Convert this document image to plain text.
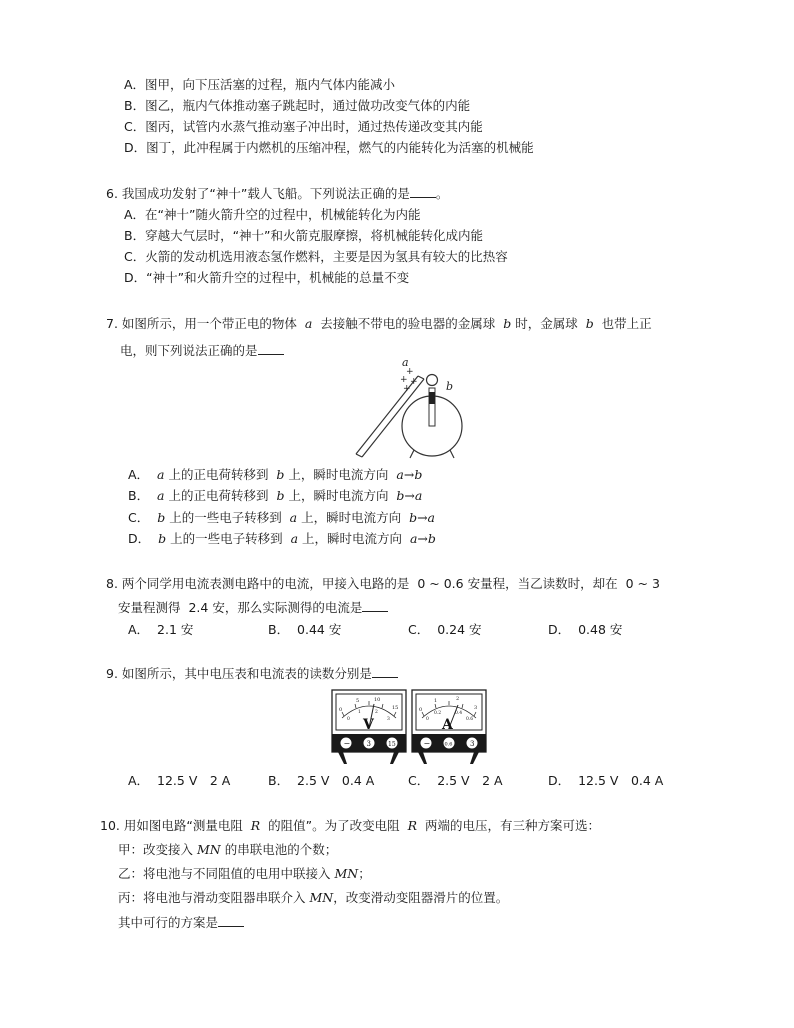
A．图甲，向下压活塞的过程，瓶内气体内能减小
B．图乙，瓶内气体推动塞子跳起时，通过做功改变气体的内能
C．图丙，试管内水蒸气推动塞子冲出时，通过热传递改变其内能
D．图丁，此冲程属于内燃机的压缩冲程，燃气的内能转化为活塞的机械能
6. 我国成功发射了“神十”载人飞船。下列说法正确的是 。
A．在“神十”随火箭升空的过程中，机械能转化为内能
B．穿越大气层时，“神十”和火箭克服摩擦，将机械能转化成内能
C．火箭的发动机选用液态氢作燃料，主要是因为氢具有较大的比热容
D．“神十”和火箭升空的过程中，机械能的总量不变
7. 如图所示，用一个带正电的物体 a 去接触不带电的验电器的金属球 b 时，金属球 b 也带上正
电，则下列说法正确的是
a
+
+ +
+	b
A． a 上的正电荷转移到 b 上，瞬时电流方向 a→b
B． a 上的正电荷转移到 b 上，瞬时电流方向 b→a
C． b 上的一些电子转移到 a 上，瞬时电流方向 b→a
D． b 上的一些电子转移到 a 上，瞬时电流方向 a→b
8. 两个同学用电流表测电路中的电流，甲接入电路的是 0 ~ 0.6 安量程，当乙读数时，却在 0 ~ 3
安量程测得 2.4 安，那么实际测得的电流是
A． 2.1 安	B． 0.44 安	C． 0.24 安	D． 0.48 安
9. 如图所示，其中电压表和电流表的读数分别是
0
5	10
15
0
1	2
3
V
− 3	15
0
1	2
3
0
0.2	0.4
0.6
A
−	0.6	3
A． 12.5 V　2 A	B． 2.5 V　0.4 A	C． 2.5 V　2 A	D． 12.5 V　0.4 A
10. 用如图电路“测量电阻 R 的阻值”。为了改变电阻 R 两端的电压，有三种方案可选：
甲：改变接入 MN 的串联电池的个数；
乙：将电池与不同阻值的电用中联接入 MN；
丙：将电池与滑动变阻器串联介入 MN，改变滑动变阻器滑片的位置。
其中可行的方案是
